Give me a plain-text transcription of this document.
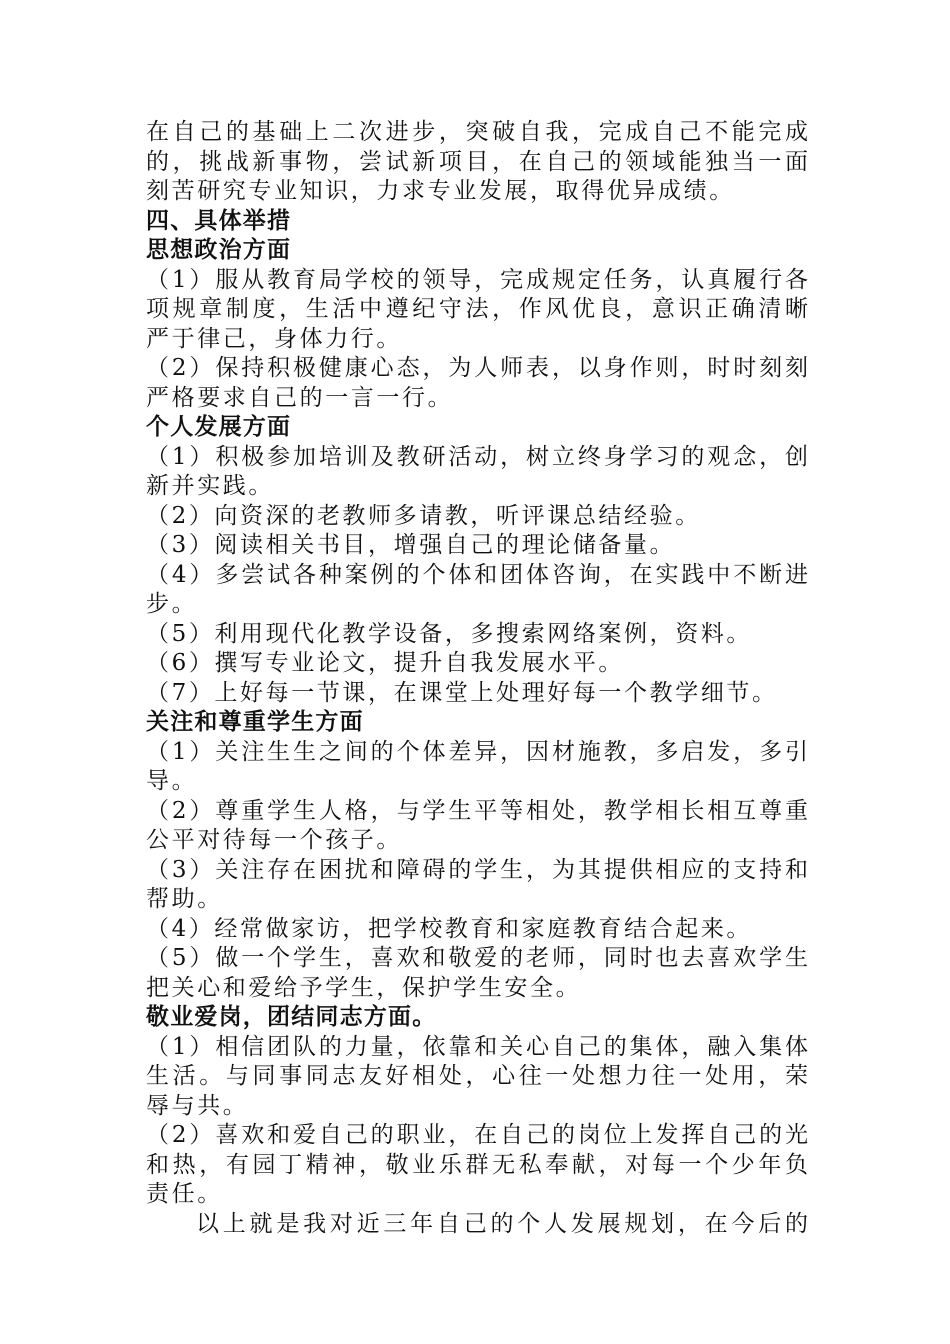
在自己的基础上二次进步，突破自我，完成自己不能完成
的，挑战新事物，尝试新项目，在自己的领域能独当一面
刻苦研究专业知识，力求专业发展，取得优异成绩。
四、具体举措
思想政治方面
（1）服从教育局学校的领导，完成规定任务，认真履行各
项规章制度，生活中遵纪守法，作风优良，意识正确清晰
严于律己，身体力行。
（2）保持积极健康心态，为人师表，以身作则，时时刻刻
严格要求自己的一言一行。
个人发展方面
（1）积极参加培训及教研活动，树立终身学习的观念，创
新并实践。
（2）向资深的老教师多请教，听评课总结经验。
（3）阅读相关书目，增强自己的理论储备量。
（4）多尝试各种案例的个体和团体咨询，在实践中不断进
步。
（5）利用现代化教学设备，多搜索网络案例，资料。
（6）撰写专业论文，提升自我发展水平。
（7）上好每一节课，在课堂上处理好每一个教学细节。
关注和尊重学生方面
（1）关注生生之间的个体差异，因材施教，多启发，多引
导。
（2）尊重学生人格，与学生平等相处，教学相长相互尊重
公平对待每一个孩子。
（3）关注存在困扰和障碍的学生，为其提供相应的支持和
帮助。
（4）经常做家访，把学校教育和家庭教育结合起来。
（5）做一个学生，喜欢和敬爱的老师，同时也去喜欢学生
把关心和爱给予学生，保护学生安全。
敬业爱岗，团结同志方面。
（1）相信团队的力量，依靠和关心自己的集体，融入集体
生活。与同事同志友好相处，心往一处想力往一处用，荣
辱与共。
（2）喜欢和爱自己的职业，在自己的岗位上发挥自己的光
和热，有园丁精神，敬业乐群无私奉献，对每一个少年负
责任。
以上就是我对近三年自己的个人发展规划，在今后的
